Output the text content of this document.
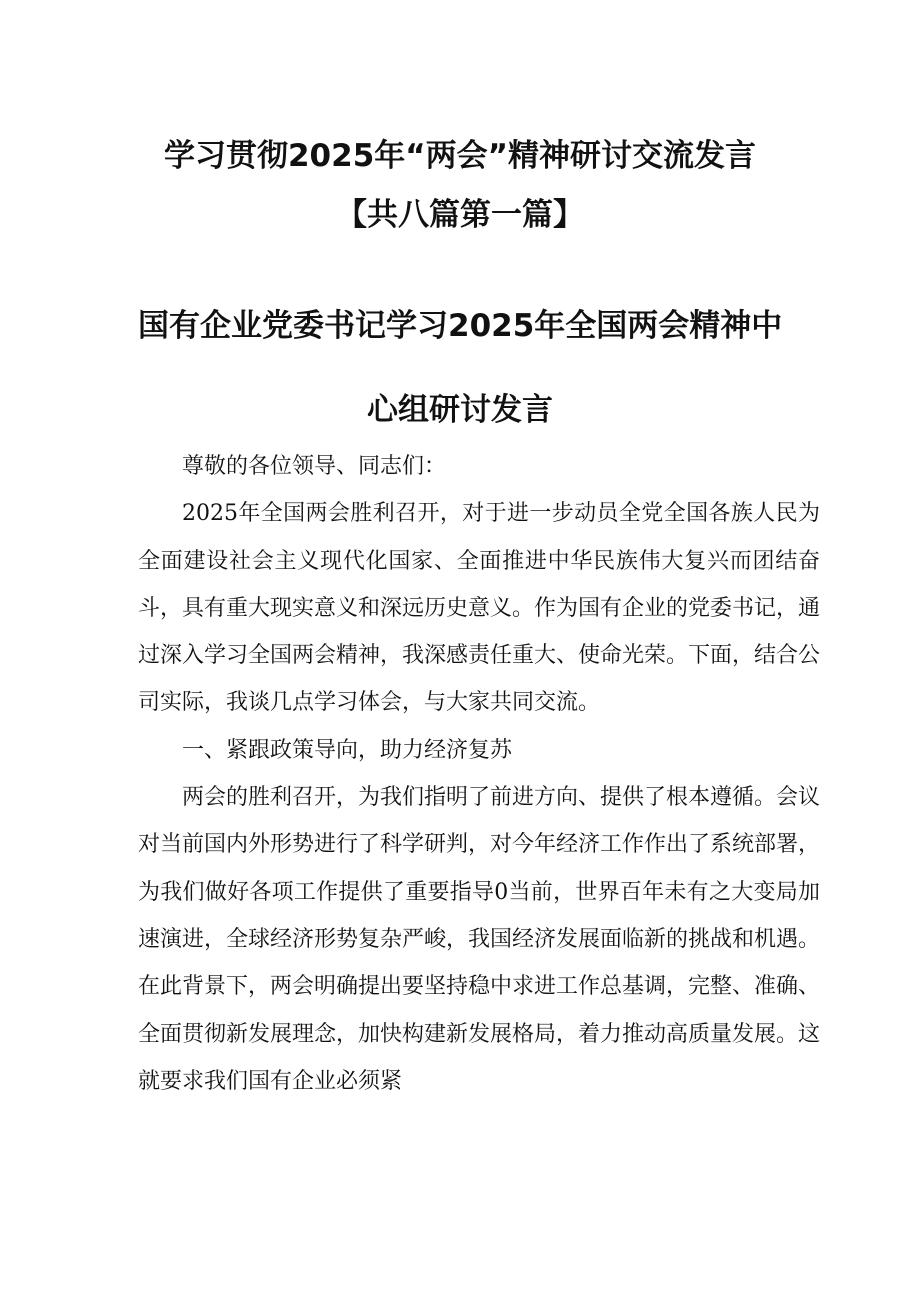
学习贯彻2025年“两会”精神研讨交流发言
【共八篇第一篇】
国有企业党委书记学习2025年全国两会精神中
心组研讨发言

尊敬的各位领导、同志们：

2025年全国两会胜利召开，对于进一步动员全党全国各族人民为全面建设社会主义现代化国家、全面推进中华民族伟大复兴而团结奋斗，具有重大现实意义和深远历史意义。作为国有企业的党委书记，通过深入学习全国两会精神，我深感责任重大、使命光荣。下面，结合公司实际，我谈几点学习体会，与大家共同交流。

一、紧跟政策导向，助力经济复苏

两会的胜利召开，为我们指明了前进方向、提供了根本遵循。会议对当前国内外形势进行了科学研判，对今年经济工作作出了系统部署，为我们做好各项工作提供了重要指导0当前，世界百年未有之大变局加速演进，全球经济形势复杂严峻，我国经济发展面临新的挑战和机遇。在此背景下，两会明确提出要坚持稳中求进工作总基调，完整、准确、全面贯彻新发展理念，加快构建新发展格局，着力推动高质量发展。这就要求我们国有企业必须紧
